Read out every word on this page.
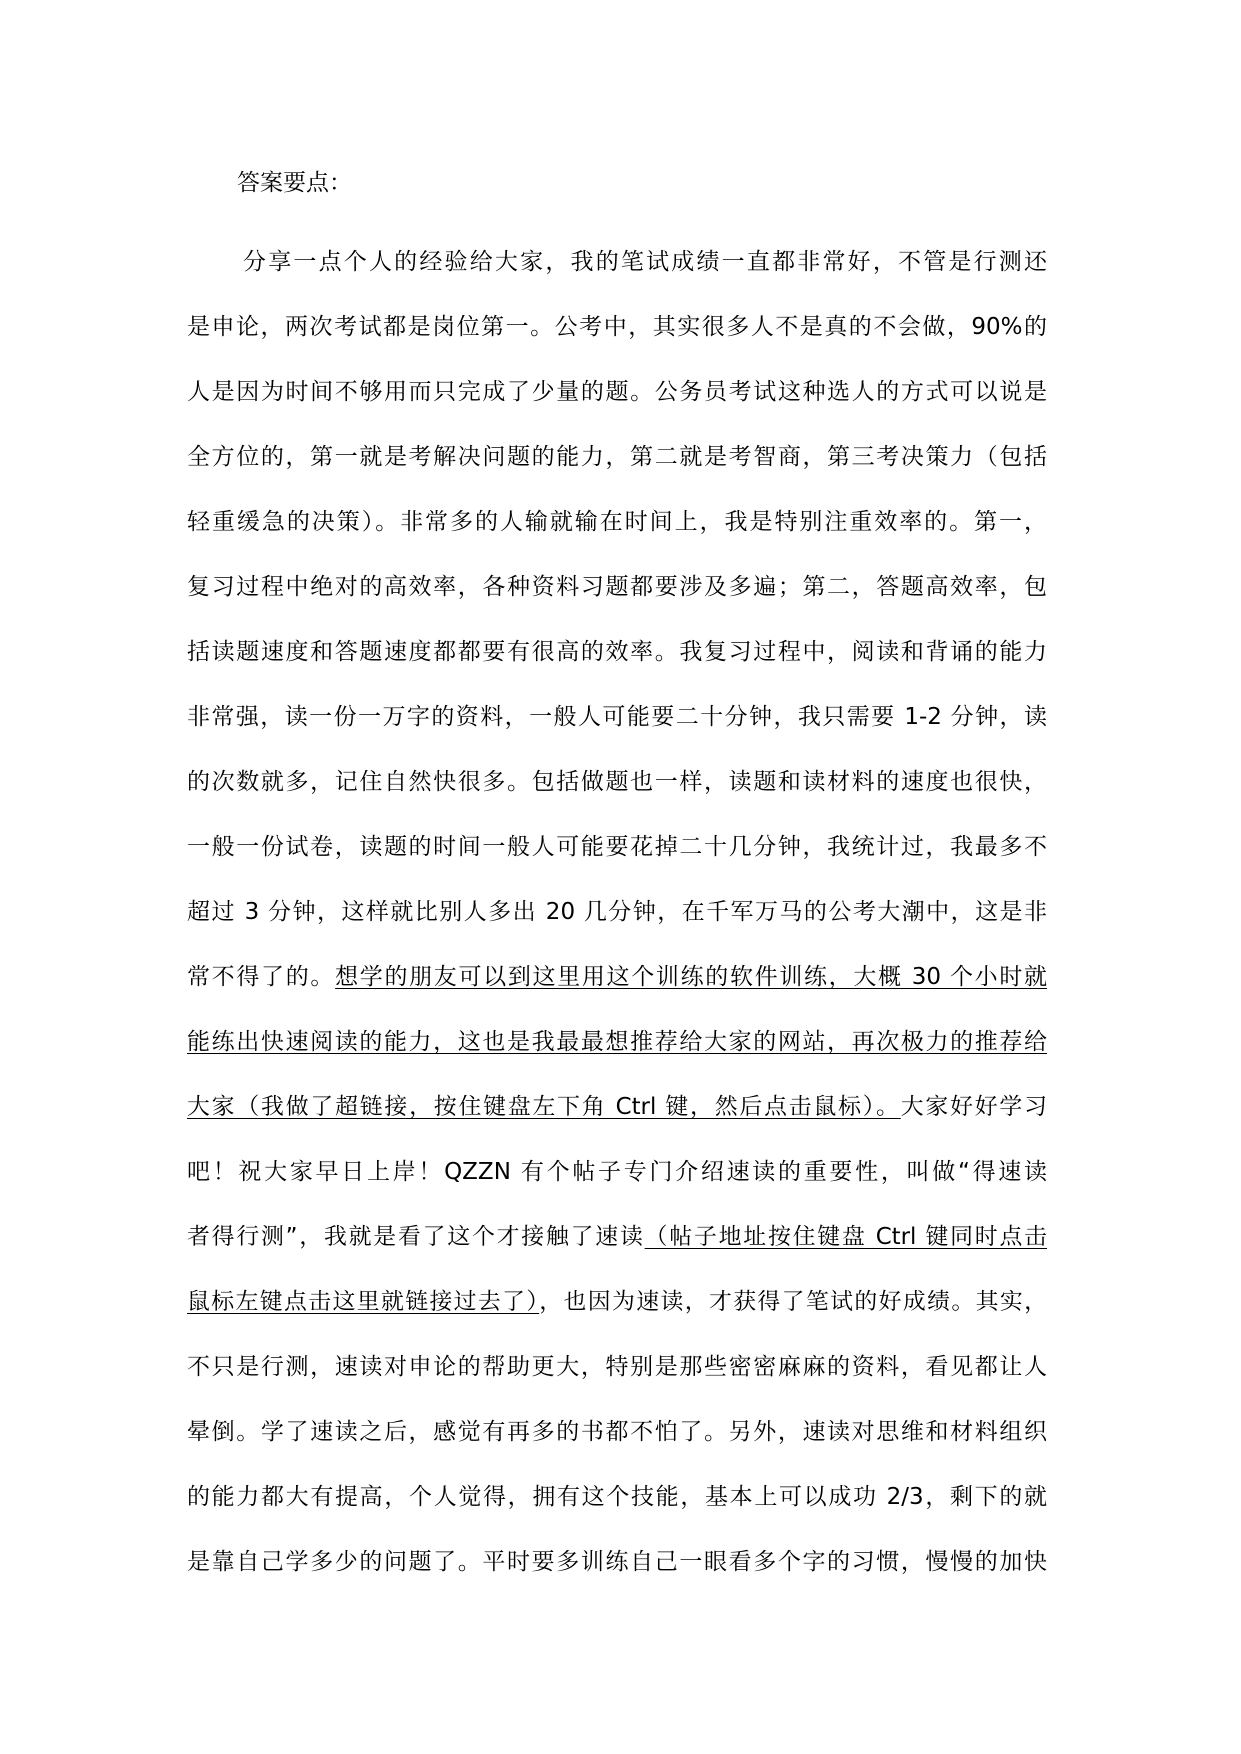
答案要点：
分享一点个人的经验给大家，我的笔试成绩一直都非常好，不管是行测还
是申论，两次考试都是岗位第一。公考中，其实很多人不是真的不会做，90%的
人是因为时间不够用而只完成了少量的题。公务员考试这种选人的方式可以说是
全方位的，第一就是考解决问题的能力，第二就是考智商，第三考决策力（包括
轻重缓急的决策）。非常多的人输就输在时间上，我是特别注重效率的。第一，
复习过程中绝对的高效率，各种资料习题都要涉及多遍；第二，答题高效率，包
括读题速度和答题速度都都要有很高的效率。我复习过程中，阅读和背诵的能力
非常强，读一份一万字的资料，一般人可能要二十分钟，我只需要 1-2 分钟，读
的次数就多，记住自然快很多。包括做题也一样，读题和读材料的速度也很快，
一般一份试卷，读题的时间一般人可能要花掉二十几分钟，我统计过，我最多不
超过 3 分钟，这样就比别人多出 20 几分钟，在千军万马的公考大潮中，这是非
常不得了的。想学的朋友可以到这里用这个训练的软件训练，大概 30 个小时就
能练出快速阅读的能力，这也是我最最想推荐给大家的网站，再次极力的推荐给
大家（我做了超链接，按住键盘左下角 Ctrl 键，然后点击鼠标）。大家好好学习
吧！祝大家早日上岸！QZZN 有个帖子专门介绍速读的重要性，叫做“得速读
者得行测”，我就是看了这个才接触了速读（帖子地址按住键盘 Ctrl 键同时点击
鼠标左键点击这里就链接过去了），也因为速读，才获得了笔试的好成绩。其实，
不只是行测，速读对申论的帮助更大，特别是那些密密麻麻的资料，看见都让人
晕倒。学了速读之后，感觉有再多的书都不怕了。另外，速读对思维和材料组织
的能力都大有提高，个人觉得，拥有这个技能，基本上可以成功 2/3，剩下的就
是靠自己学多少的问题了。平时要多训练自己一眼看多个字的习惯，慢慢的加快
